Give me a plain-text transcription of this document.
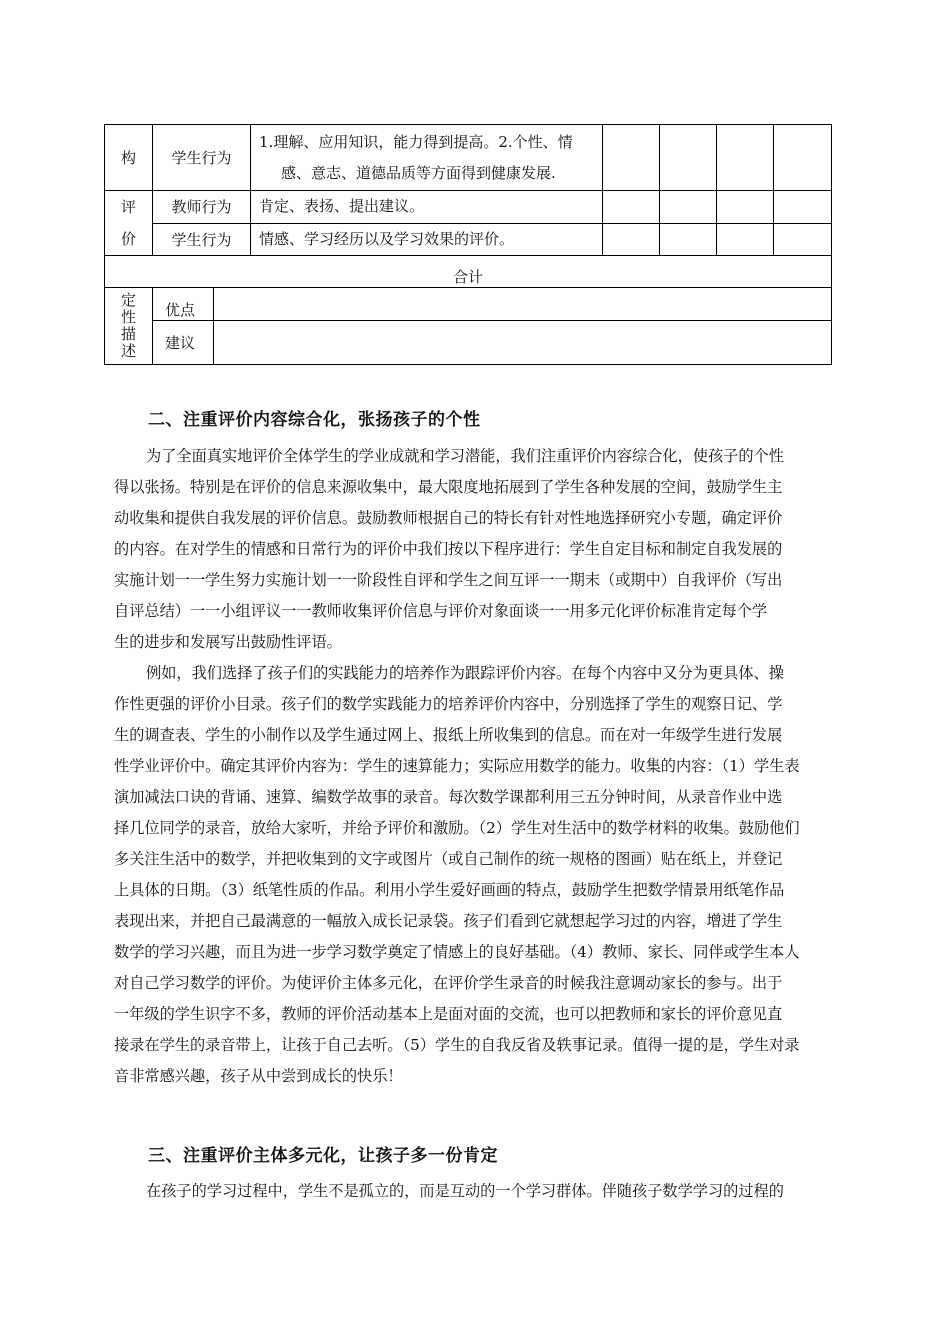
构	学生行为		1.理解、应用知识，能力得到提高。2.个性、情
感、意志、道德品质等方面得到健康发展.				

评
价	教师行为		肯定、表扬、提出建议。				
	学生行为		情感、学习经历以及学习效果的评价。				
合计							

定
性
描
述	优点						
	建议						
二、注重评价内容综合化，张扬孩子的个性
为了全面真实地评价全体学生的学业成就和学习潜能，我们注重评价内容综合化，使孩子的个性
得以张扬。特别是在评价的信息来源收集中，最大限度地拓展到了学生各种发展的空间，鼓励学生主
动收集和提供自我发展的评价信息。鼓励教师根据自己的特长有针对性地选择研究小专题，确定评价
的内容。在对学生的情感和日常行为的评价中我们按以下程序进行：学生自定目标和制定自我发展的
实施计划一一学生努力实施计划一一阶段性自评和学生之间互评一一期末（或期中）自我评价（写出
自评总结）一一小组评议一一教师收集评价信息与评价对象面谈一一用多元化评价标准肯定每个学
生的进步和发展写出鼓励性评语。
例如，我们选择了孩子们的实践能力的培养作为跟踪评价内容。在每个内容中又分为更具体、操
作性更强的评价小目录。孩子们的数学实践能力的培养评价内容中，分别选择了学生的观察日记、学
生的调查表、学生的小制作以及学生通过网上、报纸上所收集到的信息。而在对一年级学生进行发展
性学业评价中。确定其评价内容为：学生的速算能力；实际应用数学的能力。收集的内容：（1）学生表
演加减法口诀的背诵、速算、编数学故事的录音。每次数学课都利用三五分钟时间，从录音作业中选
择几位同学的录音，放给大家听，并给予评价和激励。（2）学生对生活中的数学材料的收集。鼓励他们
多关注生活中的数学，并把收集到的文字或图片（或自己制作的统一规格的图画）贴在纸上，并登记
上具体的日期。（3）纸笔性质的作品。利用小学生爱好画画的特点，鼓励学生把数学情景用纸笔作品
表现出来，并把自己最满意的一幅放入成长记录袋。孩子们看到它就想起学习过的内容，增进了学生
数学的学习兴趣，而且为进一步学习数学奠定了情感上的良好基础。（4）教师、家长、同伴或学生本人
对自己学习数学的评价。为使评价主体多元化，在评价学生录音的时候我注意调动家长的参与。出于
一年级的学生识字不多，教师的评价活动基本上是面对面的交流，也可以把教师和家长的评价意见直
接录在学生的录音带上，让孩于自己去听。（5）学生的自我反省及轶事记录。值得一提的是，学生对录
音非常感兴趣，孩子从中尝到成长的快乐！
三、注重评价主体多元化，让孩子多一份肯定
在孩子的学习过程中，学生不是孤立的，而是互动的一个学习群体。伴随孩子数学学习的过程的
